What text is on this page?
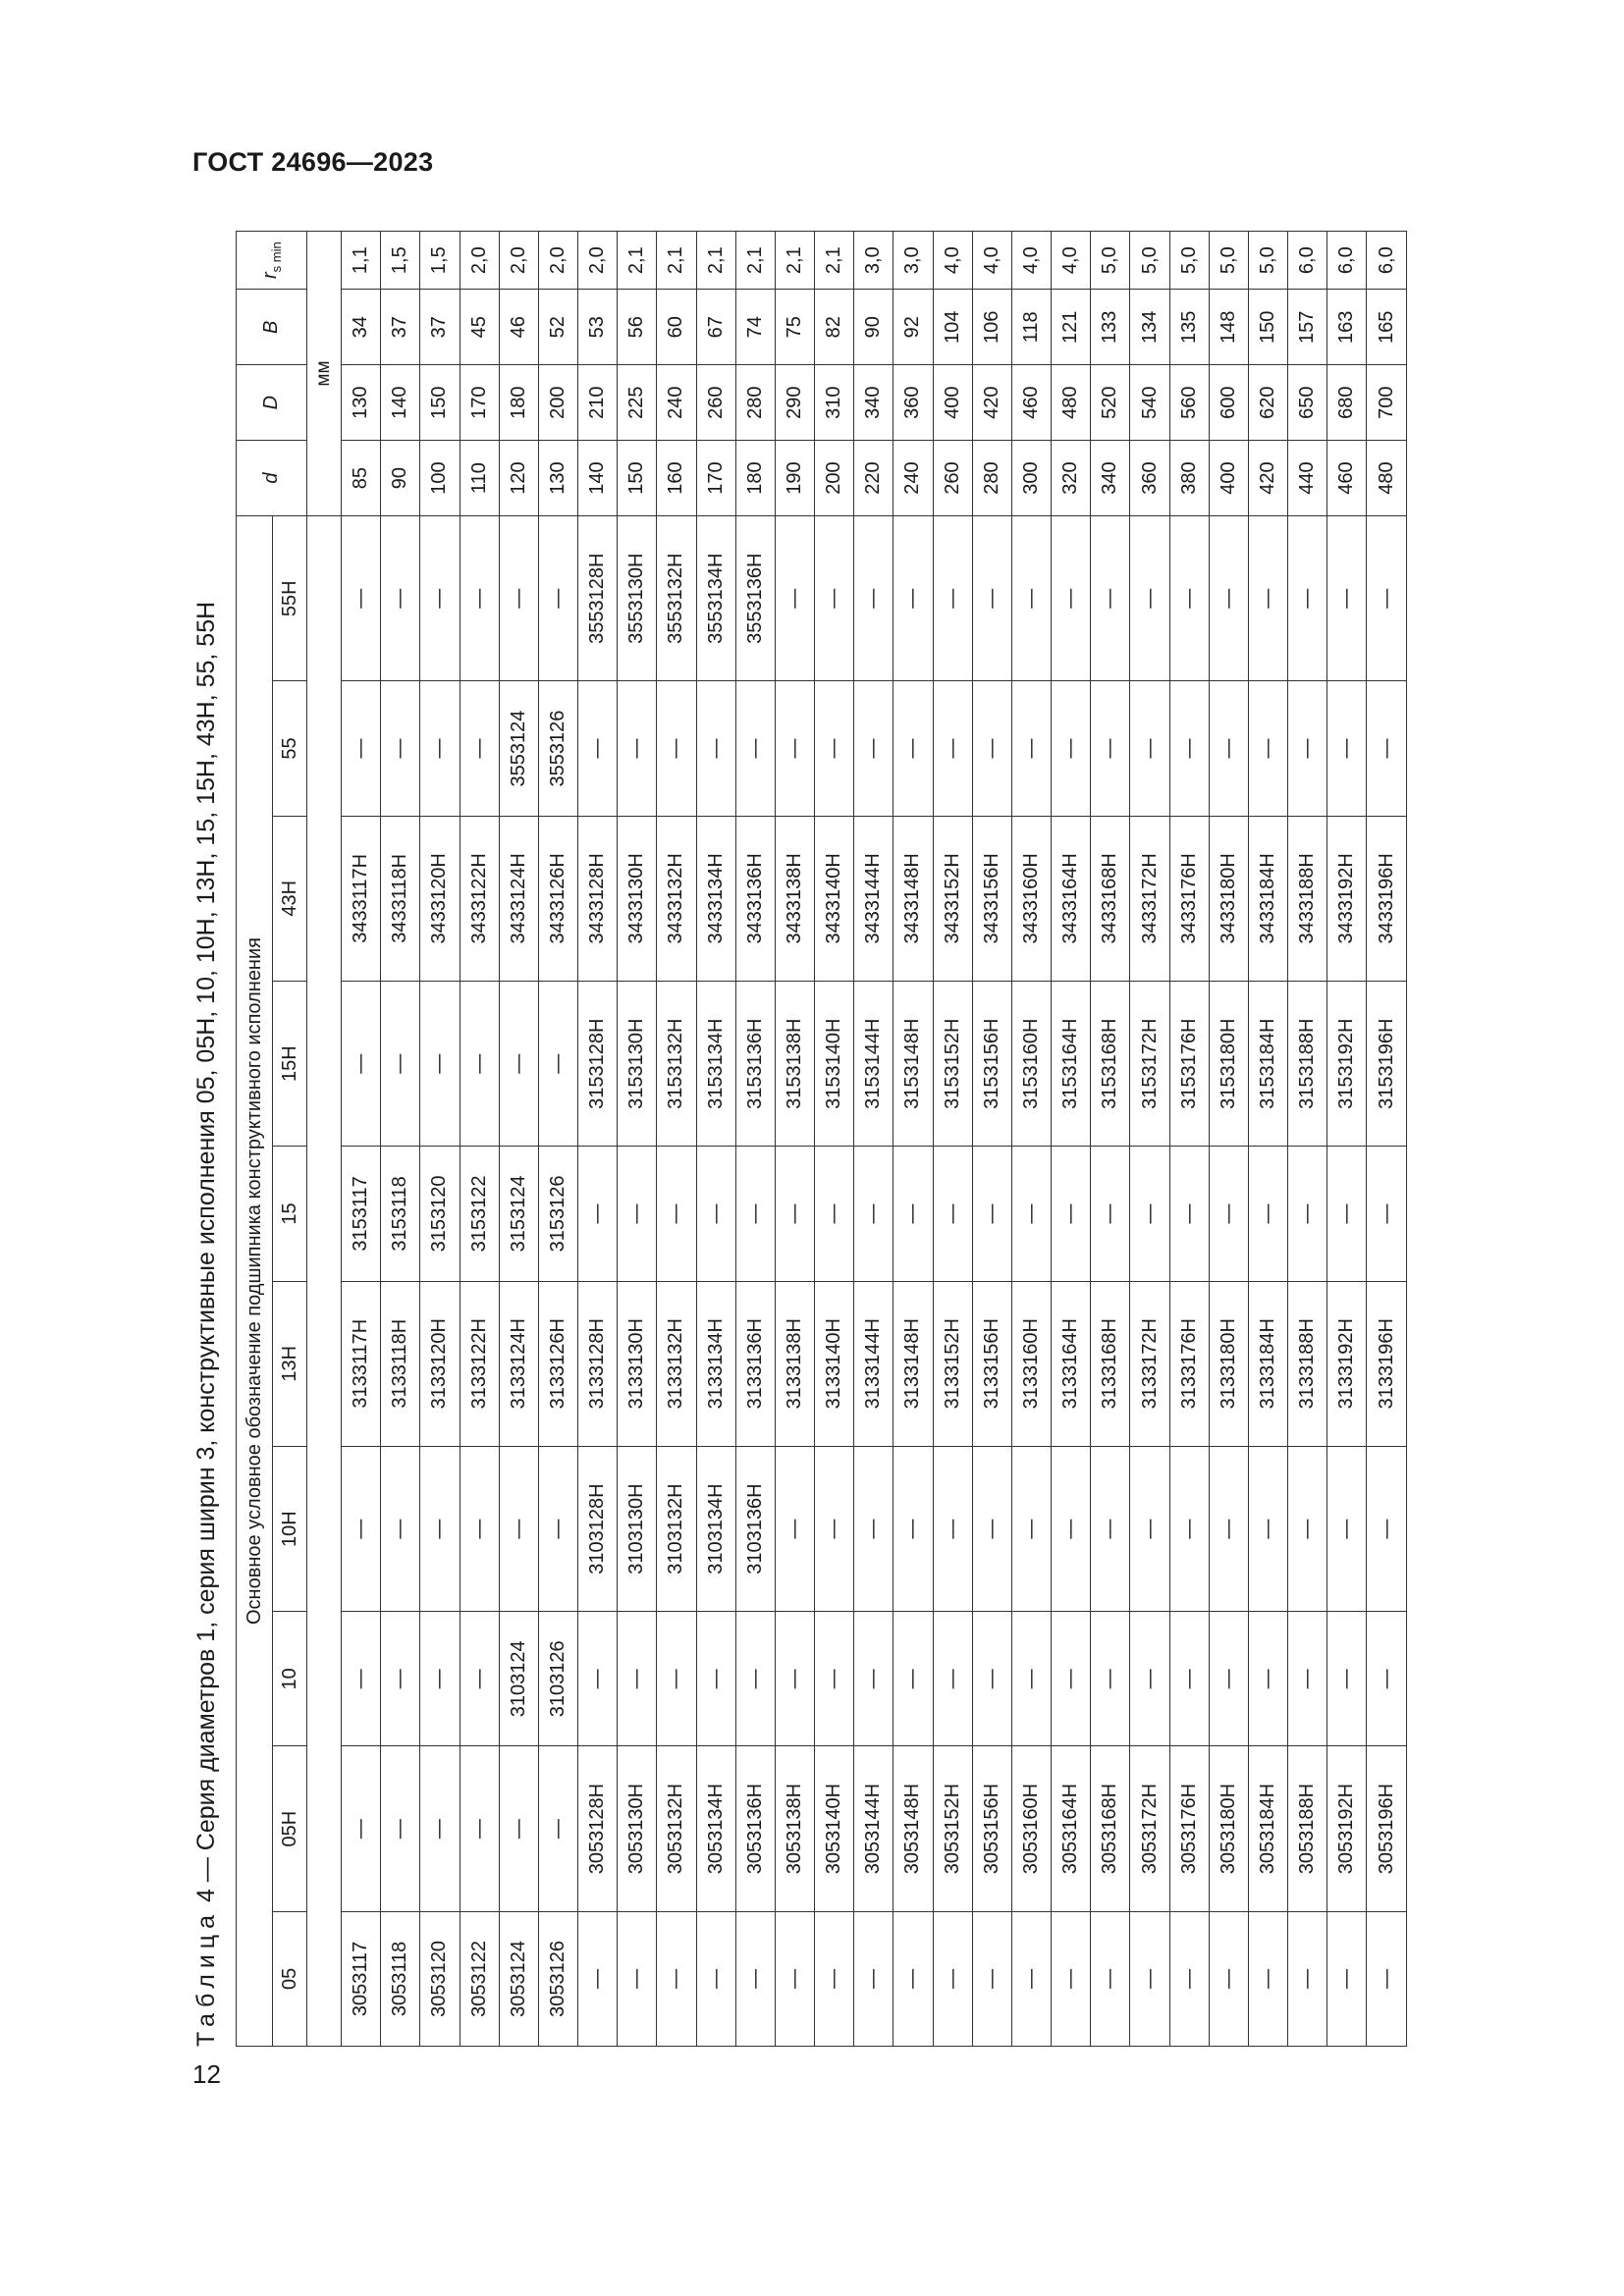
ГОСТ 24696—2023
12
Таблица 4 — Серия диаметров 1, серия ширин 3, конструктивные исполнения 05, 05Н, 10, 10Н, 13Н, 15, 15Н, 43Н, 55, 55Н	Основное условное обозначение подшипника конструктивного исполнения										d	D	B	$r_{s min}$
05	05Н	10	10Н	13Н	15	15Н	43Н	55	55Н				
										мм			
3053117	—	—	—	3133117Н	3153117	—	3433117Н	—	—	85	130	34	1,1
3053118	—	—	—	3133118Н	3153118	—	3433118Н	—	—	90	140	37	1,5
3053120	—	—	—	3133120Н	3153120	—	3433120Н	—	—	100	150	37	1,5
3053122	—	—	—	3133122Н	3153122	—	3433122Н	—	—	110	170	45	2,0
3053124	—	3103124	—	3133124Н	3153124	—	3433124Н	3553124	—	120	180	46	2,0
3053126	—	3103126	—	3133126Н	3153126	—	3433126Н	3553126	—	130	200	52	2,0
—	3053128Н	—	3103128Н	3133128Н	—	3153128Н	3433128Н	—	3553128Н	140	210	53	2,0
—	3053130Н	—	3103130Н	3133130Н	—	3153130Н	3433130Н	—	3553130Н	150	225	56	2,1
—	3053132Н	—	3103132Н	3133132Н	—	3153132Н	3433132Н	—	3553132Н	160	240	60	2,1
—	3053134Н	—	3103134Н	3133134Н	—	3153134Н	3433134Н	—	3553134Н	170	260	67	2,1
—	3053136Н	—	3103136Н	3133136Н	—	3153136Н	3433136Н	—	3553136Н	180	280	74	2,1
—	3053138Н	—	—	3133138Н	—	3153138Н	3433138Н	—	—	190	290	75	2,1
—	3053140Н	—	—	3133140Н	—	3153140Н	3433140Н	—	—	200	310	82	2,1
—	3053144Н	—	—	3133144Н	—	3153144Н	3433144Н	—	—	220	340	90	3,0
—	3053148Н	—	—	3133148Н	—	3153148Н	3433148Н	—	—	240	360	92	3,0
—	3053152Н	—	—	3133152Н	—	3153152Н	3433152Н	—	—	260	400	104	4,0
—	3053156Н	—	—	3133156Н	—	3153156Н	3433156Н	—	—	280	420	106	4,0
—	3053160Н	—	—	3133160Н	—	3153160Н	3433160Н	—	—	300	460	118	4,0
—	3053164Н	—	—	3133164Н	—	3153164Н	3433164Н	—	—	320	480	121	4,0
—	3053168Н	—	—	3133168Н	—	3153168Н	3433168Н	—	—	340	520	133	5,0
—	3053172Н	—	—	3133172Н	—	3153172Н	3433172Н	—	—	360	540	134	5,0
—	3053176Н	—	—	3133176Н	—	3153176Н	3433176Н	—	—	380	560	135	5,0
—	3053180Н	—	—	3133180Н	—	3153180Н	3433180Н	—	—	400	600	148	5,0
—	3053184Н	—	—	3133184Н	—	3153184Н	3433184Н	—	—	420	620	150	5,0
—	3053188Н	—	—	3133188Н	—	3153188Н	3433188Н	—	—	440	650	157	6,0
—	3053192Н	—	—	3133192Н	—	3153192Н	3433192Н	—	—	460	680	163	6,0
—	3053196Н	—	—	3133196Н	—	3153196Н	3433196Н	—	—	480	700	165	6,0
